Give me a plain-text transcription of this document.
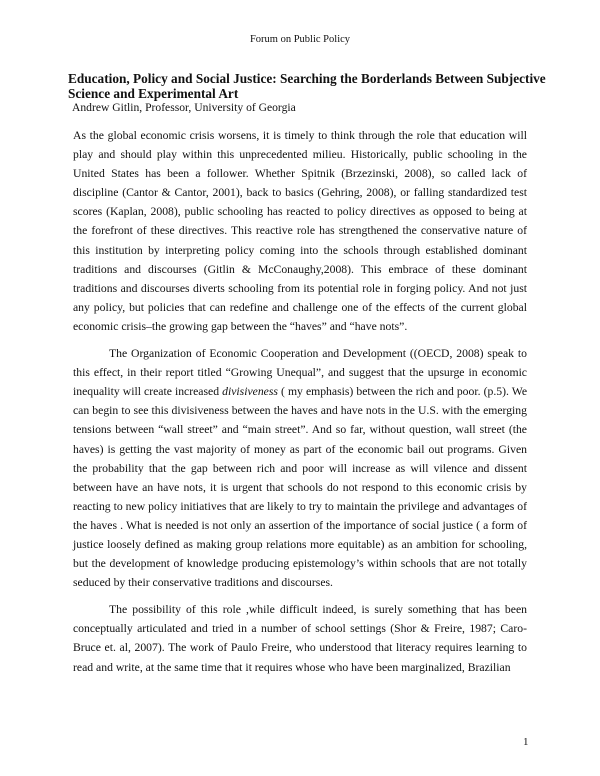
Forum on Public Policy
Education, Policy and Social Justice: Searching the Borderlands Between Subjective Science and Experimental Art

Andrew Gitlin, Professor, University of Georgia

As the global economic crisis worsens, it is timely to think through the role that education will play and should play within this unprecedented milieu. Historically, public schooling in the United States has been a follower. Whether Spitnik (Brzezinski, 2008), so called lack of discipline (Cantor & Cantor, 2001), back to basics (Gehring, 2008), or falling standardized test scores (Kaplan, 2008), public schooling has reacted to policy directives as opposed to being at the forefront of these directives. This reactive role has strengthened the conservative nature of this institution by interpreting policy coming into the schools through established dominant traditions and discourses (Gitlin & McConaughy,2008). This embrace of these dominant traditions and discourses diverts schooling from its potential role in forging policy. And not just any policy, but policies that can redefine and challenge one of the effects of the current global economic crisis–the growing gap between the “haves” and “have nots”.

The Organization of Economic Cooperation and Development ((OECD, 2008) speak to this effect, in their report titled “Growing Unequal”, and suggest that the upsurge in economic inequality will create increased divisiveness ( my emphasis) between the rich and poor. (p.5). We can begin to see this divisiveness between the haves and have nots in the U.S. with the emerging tensions between “wall street” and “main street”. And so far, without question, wall street (the haves) is getting the vast majority of money as part of the economic bail out programs. Given the probability that the gap between rich and poor will increase as will vilence and dissent between have an have nots, it is urgent that schools do not respond to this economic crisis by reacting to new policy initiatives that are likely to try to maintain the privilege and advantages of the haves . What is needed is not only an assertion of the importance of social justice ( a form of justice loosely defined as making group relations more equitable) as an ambition for schooling, but the development of knowledge producing epistemology’s within schools that are not totally seduced by their conservative traditions and discourses.

The possibility of this role ,while difficult indeed, is surely something that has been conceptually articulated and tried in a number of school settings (Shor & Freire, 1987; Caro-Bruce et. al, 2007). The work of Paulo Freire, who understood that literacy requires learning to read and write, at the same time that it requires whose who have been marginalized, Brazilian

1
